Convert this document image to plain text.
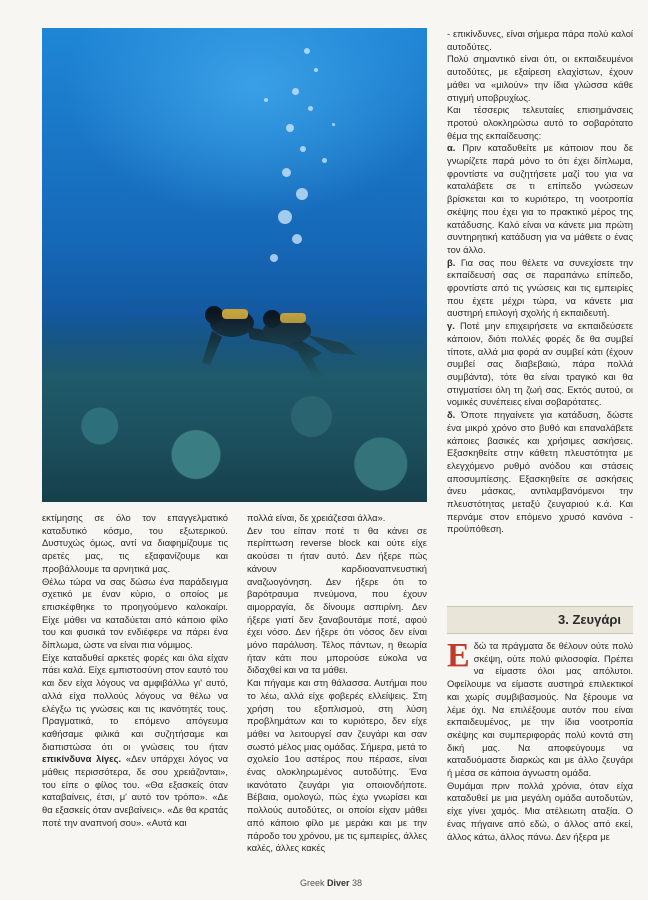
- επικίνδυνες, είναι σήμερα πάρα πολύ καλοί αυτοδύτες.

Πολύ σημαντικό είναι ότι, οι εκπαιδευμένοι αυτοδύτες, με εξαίρεση ελαχίστων, έχουν μάθει να «μιλούν» την ίδια γλώσσα κάθε στιγμή υποβρυχίως.

Και τέσσερις τελευταίες επισημάνσεις προτού ολοκληρώσω αυτό το σοβαρότατο θέμα της εκπαίδευσης:

α. Πριν καταδυθείτε με κάποιον που δε γνωρίζετε παρά μόνο το ότι έχει δίπλωμα, φροντίστε να συζητήσετε μαζί του για να καταλάβετε σε τι επίπεδο γνώσεων βρίσκεται και το κυριότερο, τη νοοτροπία σκέψης που έχει για το πρακτικό μέρος της κατάδυσης. Καλό είναι να κάνετε μια πρώτη συντηρητική κατάδυση για να μάθετε ο ένας τον άλλο.

β. Για σας που θέλετε να συνεχίσετε την εκπαίδευσή σας σε παραπάνω επίπεδο, φροντίστε από τις γνώσεις και τις εμπειρίες που έχετε μέχρι τώρα, να κάνετε μια αυστηρή επιλογή σχολής ή εκπαιδευτή.

γ. Ποτέ μην επιχειρήσετε να εκπαιδεύσετε κάποιον, διότι πολλές φορές δε θα συμβεί τίποτε, αλλά μια φορά αν συμβεί κάτι (έχουν συμβεί σας διαβεβαιώ, πάρα πολλά συμβάντα), τότε θα είναι τραγικό και θα στιγματίσει όλη τη ζωή σας. Εκτός αυτού, οι νομικές συνέπειες είναι σοβαρότατες.

δ. Όποτε πηγαίνετε για κατάδυση, δώστε ένα μικρό χρόνο στο βυθό και επαναλάβετε κάποιες βασικές και χρήσιμες ασκήσεις. Εξασκηθείτε στην κάθετη πλευστότητα με ελεγχόμενο ρυθμό ανόδου και στάσεις αποσυμπίεσης. Εξασκηθείτε σε ασκήσεις άνευ μάσκας, αντιλαμβανόμενοι την πλευστότητας μεταξύ ζευγαριού κ.ά. Και περνάμε στον επόμενο χρυσό κανόνα - προϋπόθεση.

εκτίμησης σε όλο τον επαγγελματικό καταδυτικό κόσμο, του εξωτερικού. Δυστυχώς όμως, αντί να διαφημίζουμε τις αρετές μας, τις εξαφανίζουμε και προβάλλουμε τα αρνητικά μας.

Θέλω τώρα να σας δώσω ένα παράδειγμα σχετικό με έναν κύριο, ο οποίος με επισκέφθηκε το προηγούμενο καλοκαίρι. Είχε μάθει να καταδύεται από κάποιο φίλο του και φυσικά τον ενδιέφερε να πάρει ένα δίπλωμα, ώστε να είναι πια νόμιμος.

Είχε καταδυθεί αρκετές φορές και όλα είχαν πάει καλά. Είχε εμπιστοσύνη στον εαυτό του και δεν είχα λόγους να αμφιβάλλω γι' αυτό, αλλά είχα πολλούς λόγους να θέλω να ελέγξω τις γνώσεις και τις ικανότητές τους. Πραγματικά, το επόμενο απόγευμα καθήσαμε φιλικά και συζητήσαμε και διαπιστώσα ότι οι γνώσεις του ήταν επικίνδυνα λίγες. «Δεν υπάρχει λόγος να μάθεις περισσότερα, δε σου χρειάζονται», του είπε ο φίλος του. «Θα εξασκείς όταν καταβαίνεις, έτσι, μ' αυτό τον τρόπο». «Δε θα εξασκείς όταν ανεβαίνεις». «Δε θα κρατάς ποτέ την αναπνοή σου». «Αυτά και

πολλά είναι, δε χρειάζεσαι άλλα».

Δεν του είπαν ποτέ τι θα κάνει σε περίπτωση reverse block και ούτε είχε ακούσει τι ήταν αυτό. Δεν ήξερε πώς κάνουν καρδιοαναπνευστική αναζωογόνηση. Δεν ήξερε ότι το βαρότραυμα πνεύμονα, που έχουν αιμορραγία, δε δίνουμε ασπιρίνη. Δεν ήξερε γιατί δεν ξαναβουτάμε ποτέ, αφού έχει νόσο. Δεν ήξερε ότι νόσος δεν είναι μόνο παράλυση. Τέλος πάντων, η θεωρία ήταν κάτι που μπορούσε εύκολα να διδαχθεί και να τα μάθει.

Και πήγαμε και στη θάλασσα. Αυτήμαι που το λέω, αλλά είχε φοβερές ελλείψεις. Στη χρήση του εξοπλισμού, στη λύση προβλημάτων και το κυριότερο, δεν είχε μάθει να λειτουργεί σαν ζευγάρι και σαν σωστό μέλος μιας ομάδας. Σήμερα, μετά το σχολείο 1ου αστέρος που πέρασε, είναι ένας ολοκληρωμένος αυτοδύτης. Ένα ικανότατο ζευγάρι για οποιονδήποτε. Βέβαια, ομολογώ, πώς έχω γνωρίσει και πολλούς αυτοδύτες, οι οποίοι είχαν μάθει από κάποιο φίλο με μεράκι και με την πάροδο του χρόνου, με τις εμπειρίες, άλλες καλές, άλλες κακές

3. Ζευγάρι

Εδώ τα πράγματα δε θέλουν ούτε πολύ σκέψη, ούτε πολύ φιλοσοφία. Πρέπει να είμαστε όλοι μας απόλυτοι. Οφείλουμε να είμαστε αυστηρά επιλεκτικοί και χωρίς συμβιβασμούς. Να ξέρουμε να λέμε όχι. Να επιλέξουμε αυτόν που είναι εκπαιδευμένος, με την ίδια νοοτροπία σκέψης και συμπεριφοράς πολύ κοντά στη δική μας. Να αποφεύγουμε να καταδυόμαστε διαρκώς και με άλλο ζευγάρι ή μέσα σε κάποια άγνωστη ομάδα.

Θυμάμαι πριν πολλά χρόνια, όταν είχα καταδυθεί με μια μεγάλη ομάδα αυτοδυτών, είχε γίνει χαμός. Μια ατέλειωτη αταξία. Ο ένας πήγαινε από εδώ, ο άλλος από εκεί, άλλος κάτω, άλλος πάνω. Δεν ήξερα με

Greek Diver 38
